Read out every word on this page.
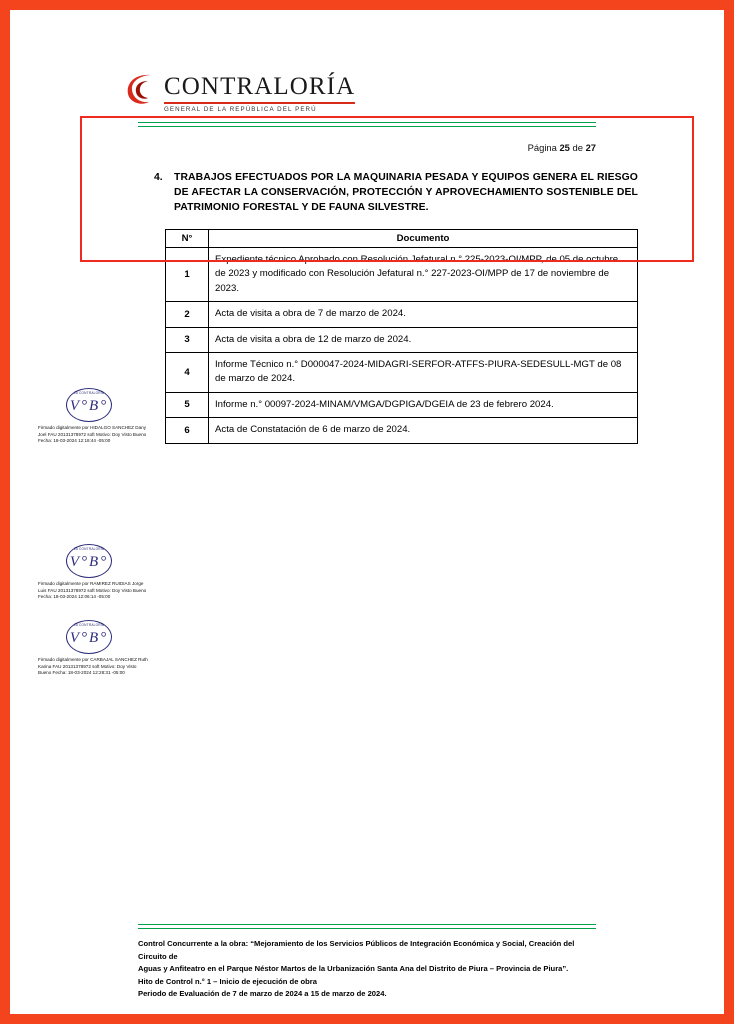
CONTRALORÍA
GENERAL DE LA REPÚBLICA DEL PERÚ
Página 25 de 27
4.	TRABAJOS EFECTUADOS POR LA MAQUINARIA PESADA Y EQUIPOS GENERA EL RIESGO DE AFECTAR LA CONSERVACIÓN, PROTECCIÓN Y APROVECHAMIENTO SOSTENIBLE DEL PATRIMONIO FORESTAL Y DE FAUNA SILVESTRE.
N°	Documento
1	Expediente técnico Aprobado con Resolución Jefatural n.° 225-2023-OI/MPP, de 05 de octubre de 2023 y modificado con Resolución Jefatural n.° 227-2023-OI/MPP de 17 de noviembre de 2023.
2	Acta de visita a obra de 7 de marzo de 2024.
3	Acta de visita a obra de 12 de marzo de 2024.
4	Informe Técnico n.° D000047-2024-MIDAGRI-SERFOR-ATFFS-PIURA-SEDESULL-MGT de 08 de marzo de 2024.
5	Informe n.° 00097-2024-MINAM/VMGA/DGPIGA/DGEIA de 23 de febrero 2024.
6	Acta de Constatación de 6 de marzo de 2024.
LA CONTRALORÍA
V°B°
Firmado digitalmente por HIDALGO SANCHEZ Dany Joel FAU 20131378972 soft Motivo: Doy Visto Bueno Fecha: 18-03-2024 12:18:44 -05:00
LA CONTRALORÍA
V°B°
Firmado digitalmente por RAMIREZ RUIDIAS Jorge Luis FAU 20131378972 soft Motivo: Doy Visto Bueno Fecha: 18-03-2024 12:06:14 -05:00
LA CONTRALORÍA
V°B°
Firmado digitalmente por CARBAJAL SANCHEZ Ruth Karina FAU 20131378972 soft Motivo: Doy Visto Bueno Fecha: 18-03-2024 12:28:31 -05:00
Control Concurrente a la obra: “Mejoramiento de los Servicios Públicos de Integración Económica y Social, Creación del Circuito de
Aguas y Anfiteatro en el Parque Néstor Martos de la Urbanización Santa Ana del Distrito de Piura – Provincia de Piura”.
Hito de Control n.° 1 – Inicio de ejecución de obra
Periodo de Evaluación de 7 de marzo de 2024 a 15 de marzo de 2024.
